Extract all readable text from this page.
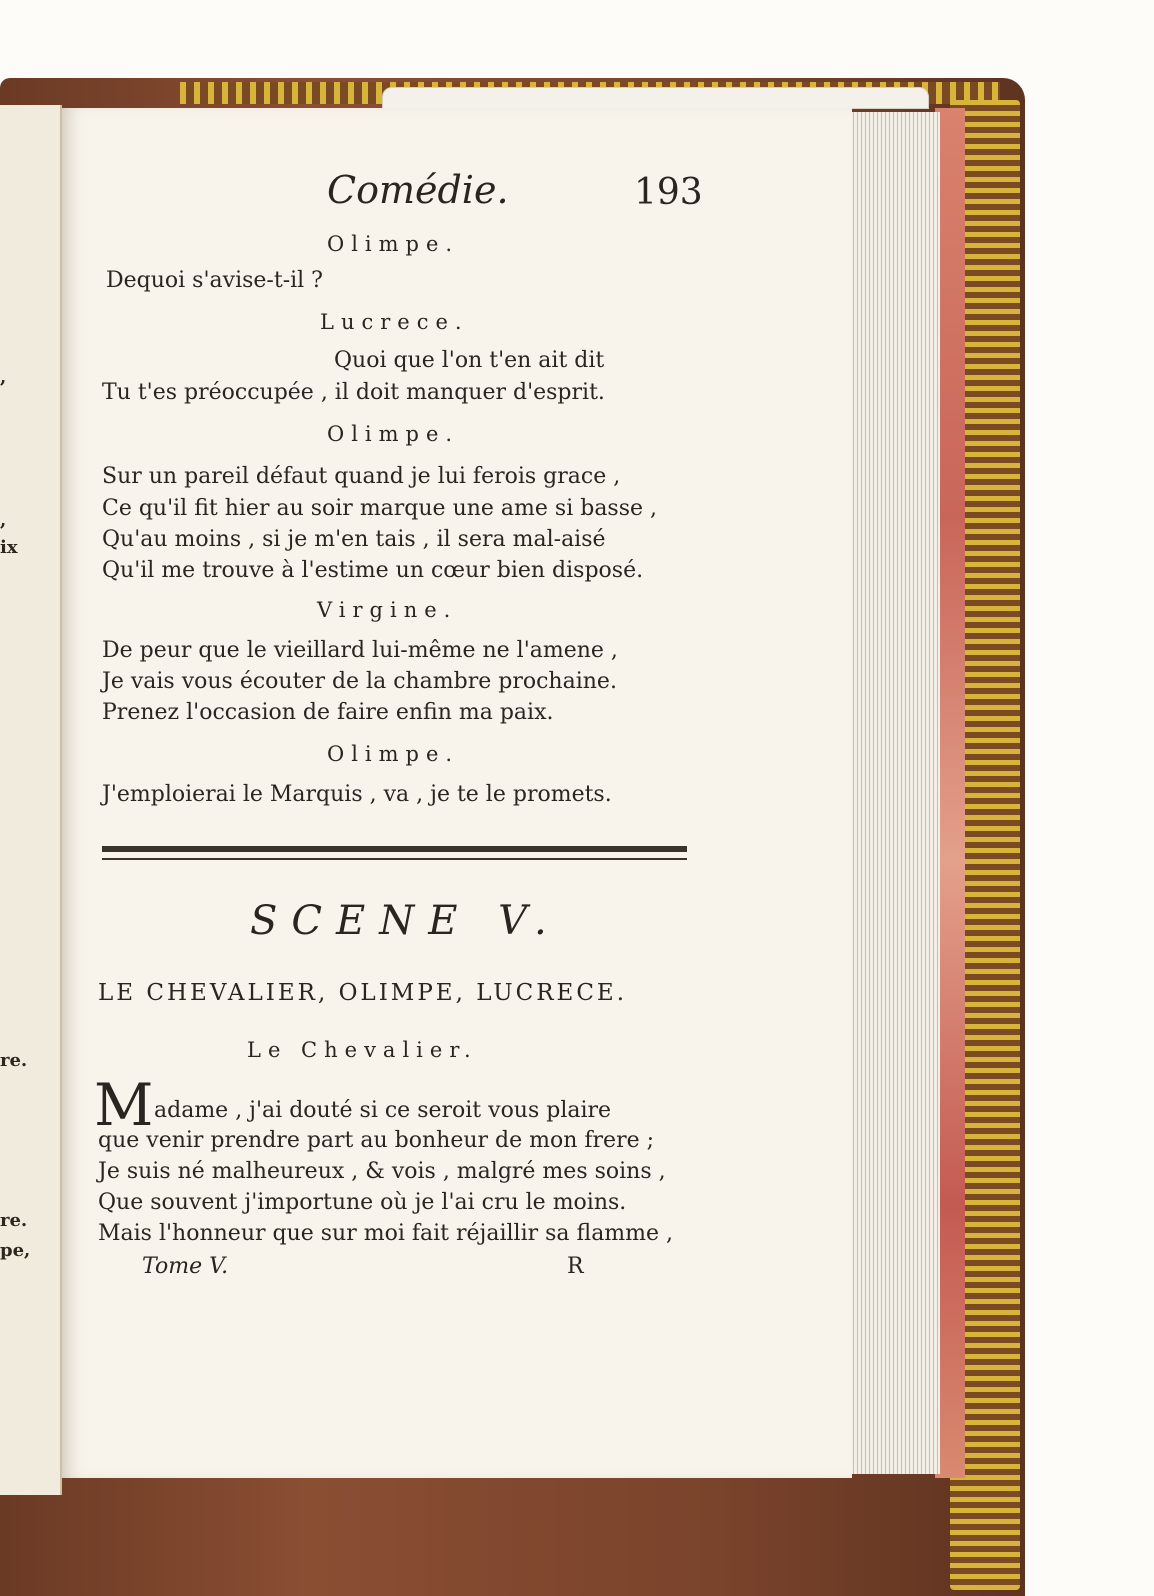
,
,
ix
re.
re.
pe,
Comédie.	193
Olimpe.
Dequoi s'avise-t-il ?
Lucrece.
Quoi que l'on t'en ait dit
Tu t'es préoccupée , il doit manquer d'esprit.
Olimpe.
Sur un pareil défaut quand je lui ferois grace ,
Ce qu'il fit hier au soir marque une ame si basse ,
Qu'au moins , si je m'en tais , il sera mal-aisé
Qu'il me trouve à l'estime un cœur bien disposé.
Virgine.
De peur que le vieillard lui-même ne l'amene ,
Je vais vous écouter de la chambre prochaine.
Prenez l'occasion de faire enfin ma paix.
Olimpe.
J'emploierai le Marquis , va , je te le promets.
SCENE V.
LE CHEVALIER, OLIMPE, LUCRECE.
Le Chevalier.
M adame , j'ai douté si ce seroit vous plaire
que venir prendre part au bonheur de mon frere ;
Je suis né malheureux , & vois , malgré mes soins ,
Que souvent j'importune où je l'ai cru le moins.
Mais l'honneur que sur moi fait réjaillir sa flamme ,
Tome V.	R
